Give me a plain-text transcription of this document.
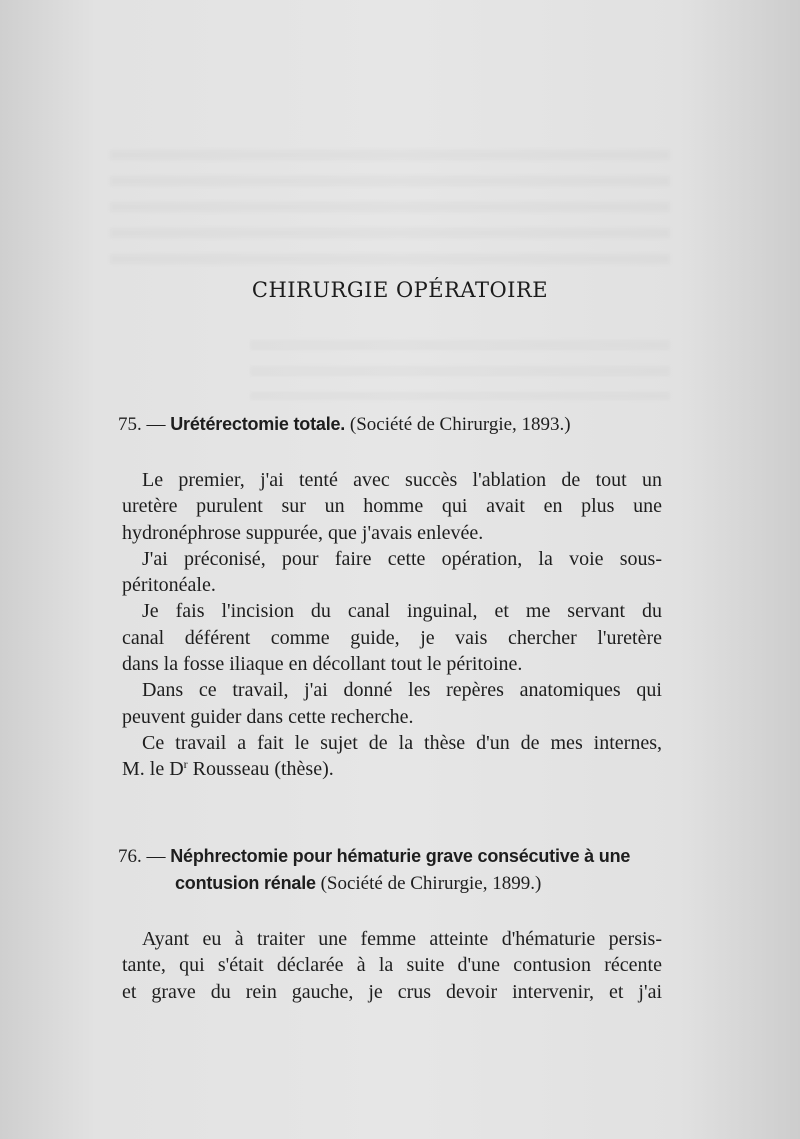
CHIRURGIE OPÉRATOIRE
75. — Urétérectomie totale. (Société de Chirurgie, 1893.)
Le premier, j'ai tenté avec succès l'ablation de tout un
uretère purulent sur un homme qui avait en plus une
hydronéphrose suppurée, que j'avais enlevée.
J'ai préconisé, pour faire cette opération, la voie sous-
péritonéale.
Je fais l'incision du canal inguinal, et me servant du
canal déférent comme guide, je vais chercher l'uretère
dans la fosse iliaque en décollant tout le péritoine.
Dans ce travail, j'ai donné les repères anatomiques qui
peuvent guider dans cette recherche.
Ce travail a fait le sujet de la thèse d'un de mes internes,
M. le $D^r$ Rousseau (thèse).
76. — Néphrectomie pour hématurie grave consécutive à une
contusion rénale (Société de Chirurgie, 1899.)
Ayant eu à traiter une femme atteinte d'hématurie persis-
tante, qui s'était déclarée à la suite d'une contusion récente
et grave du rein gauche, je crus devoir intervenir, et j'ai
